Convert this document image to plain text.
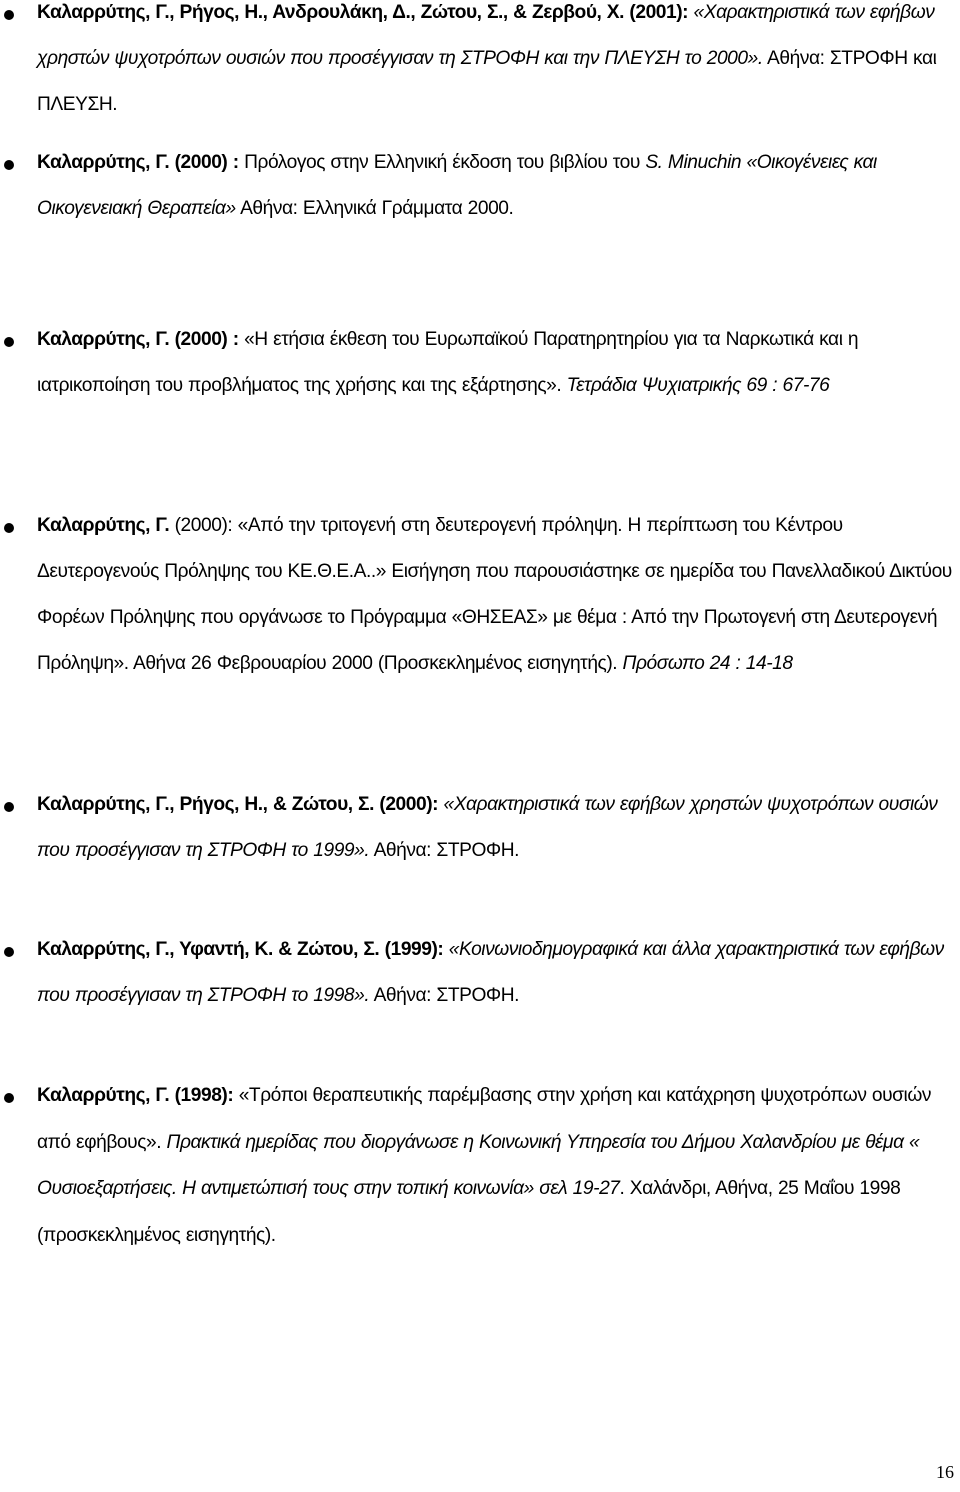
Καλαρρύτης, Γ., Ρήγος, Η., Ανδρουλάκη, Δ., Ζώτου, Σ., & Ζερβού, Χ. (2001): «Χαρακτηριστικά των εφήβων χρηστών ψυχοτρόπων ουσιών που προσέγγισαν τη ΣΤΡΟΦΗ και την ΠΛΕΥΣΗ το 2000». Αθήνα: ΣΤΡΟΦΗ και ΠΛΕΥΣΗ.

Καλαρρύτης, Γ. (2000) : Πρόλογος στην Ελληνική έκδοση του βιβλίου του S. Minuchin «Οικογένειες και Οικογενειακή Θεραπεία» Αθήνα: Ελληνικά Γράμματα 2000.

Καλαρρύτης, Γ. (2000) : «Η ετήσια έκθεση του Ευρωπαϊκού Παρατηρητηρίου για τα Ναρκωτικά και η ιατρικοποίηση του προβλήματος της χρήσης και της εξάρτησης». Τετράδια Ψυχιατρικής 69 : 67-76

Καλαρρύτης, Γ. (2000): «Από την τριτογενή στη δευτερογενή πρόληψη. Η περίπτωση του Κέντρου Δευτερογενούς Πρόληψης του ΚΕ.Θ.Ε.Α..» Εισήγηση που παρουσιάστηκε σε ημερίδα του Πανελλαδικού Δικτύου Φορέων Πρόληψης που οργάνωσε το Πρόγραμμα «ΘΗΣΕΑΣ» με θέμα : Από την Πρωτογενή στη Δευτερογενή Πρόληψη». Αθήνα 26 Φεβρουαρίου 2000 (Προσκεκλημένος εισηγητής). Πρόσωπο 24 : 14-18

Καλαρρύτης, Γ., Ρήγος, Η., & Ζώτου, Σ. (2000): «Χαρακτηριστικά των εφήβων χρηστών ψυχοτρόπων ουσιών που προσέγγισαν τη ΣΤΡΟΦΗ το 1999». Αθήνα: ΣΤΡΟΦΗ.

Καλαρρύτης, Γ., Υφαντή, Κ. & Ζώτου, Σ. (1999): «Κοινωνιοδημογραφικά και άλλα χαρακτηριστικά των εφήβων που προσέγγισαν τη ΣΤΡΟΦΗ το 1998». Αθήνα: ΣΤΡΟΦΗ.

Καλαρρύτης, Γ. (1998): «Τρόποι θεραπευτικής παρέμβασης στην χρήση και κατάχρηση ψυχοτρόπων ουσιών από εφήβους». Πρακτικά ημερίδας που διοργάνωσε η Κοινωνική Υπηρεσία του Δήμου Χαλανδρίου με θέμα « Ουσιοεξαρτήσεις. Η αντιμετώπισή τους στην τοπική κοινωνία» σελ 19-27. Χαλάνδρι, Αθήνα, 25 Μαΐου 1998 (προσκεκλημένος εισηγητής).

16
